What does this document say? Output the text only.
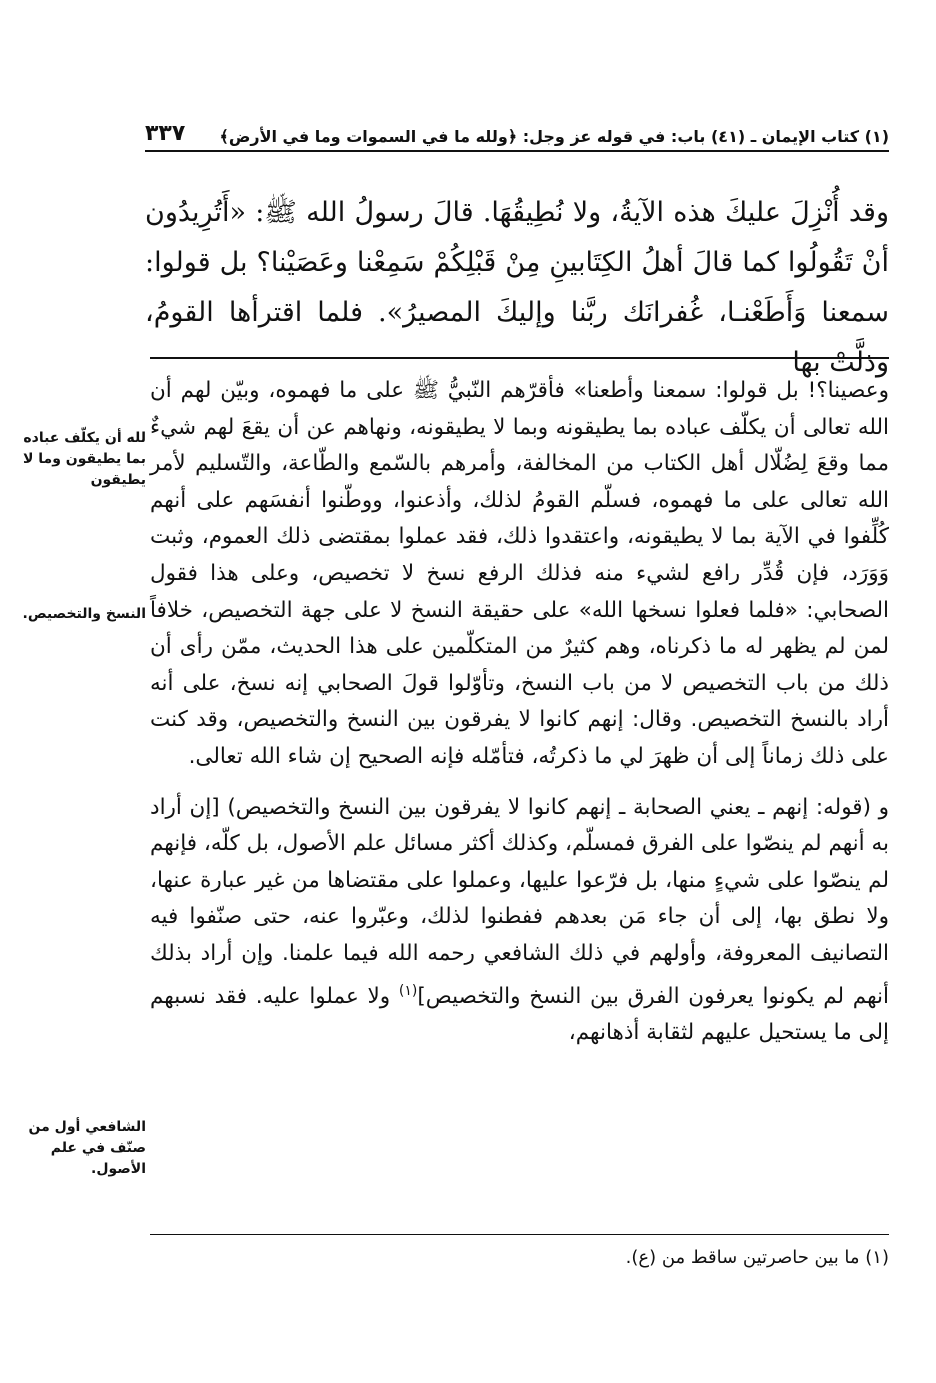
(١) كتاب الإيمان ـ (٤١) باب: في قوله عز وجل: ﴿ولله ما في السموات وما في الأرض﴾
٣٣٧

وقد أُنْزِلَ عليكَ هذه الآيةُ، ولا نُطِيقُهَا. قالَ رسولُ الله ﷺ: «أَتُرِيدُون أنْ تَقُولُوا كما قالَ أهلُ الكِتَابينِ مِنْ قَبْلِكُمْ سَمِعْنا وعَصَيْنا؟ بل قولوا: سمعنا وَأَطَعْنـا، غُفرانَك ربَّنا وإليكَ المصيرُ». فلما اقترأها القومُ، وذلَّتْ بها

وعصينا؟! بل قولوا: سمعنا وأطعنا» فأقرّهم النّبيُّ ﷺ على ما فهموه، وبيّن لهم أن الله تعالى أن يكلّف عباده بما يطيقونه وبما لا يطيقونه، ونهاهم عن أن يقعَ لهم شيءٌ مما وقعَ لِضُلّال أهل الكتاب من المخالفة، وأمرهم بالسّمع والطّاعة، والتّسليم لأمر الله تعالى على ما فهموه، فسلّم القومُ لذلك، وأذعنوا، ووطّنوا أنفسَهم على أنهم كُلِّفوا في الآية بما لا يطيقونه، واعتقدوا ذلك، فقد عملوا بمقتضى ذلك العموم، وثبت وَوَرَد، فإن قُدِّر رافع لشيء منه فذلك الرفع نسخ لا تخصيص، وعلى هذا فقول الصحابي: «فلما فعلوا نسخها الله» على حقيقة النسخ لا على جهة التخصيص، خلافاً لمن لم يظهر له ما ذكرناه، وهم كثيرٌ من المتكلّمين على هذا الحديث، ممّن رأى أن ذلك من باب التخصيص لا من باب النسخ، وتأوّلوا قولَ الصحابي إنه نسخ، على أنه أراد بالنسخ التخصيص. وقال: إنهم كانوا لا يفرقون بين النسخ والتخصيص، وقد كنت على ذلك زماناً إلى أن ظهرَ لي ما ذكرتُه، فتأمّله فإنه الصحيح إن شاء الله تعالى.

و (قوله: إنهم ـ يعني الصحابة ـ إنهم كانوا لا يفرقون بين النسخ والتخصيص) [إن أراد به أنهم لم ينصّوا على الفرق فمسلّم، وكذلك أكثر مسائل علم الأصول، بل كلّه، فإنهم لم ينصّوا على شيءٍ منها، بل فرّعوا عليها، وعملوا على مقتضاها من غير عبارة عنها، ولا نطق بها، إلى أن جاء مَن بعدهم ففطنوا لذلك، وعبّروا عنه، حتى صنّفوا فيه التصانيف المعروفة، وأولهم في ذلك الشافعي رحمه الله فيما علمنا. وإن أراد بذلك أنهم لم يكونوا يعرفون الفرق بين النسخ والتخصيص]$^{(١)}$ ولا عملوا عليه. فقد نسبهم إلى ما يستحيل عليهم لثقابة أذهانهم،

لله أن يكلّف عباده بما يطيقون وما لا يطيقون
النسخ والتخصيص.
الشافعي أول من صنّف في علم الأصول.
(١) ما بين حاصرتين ساقط من (ع).
